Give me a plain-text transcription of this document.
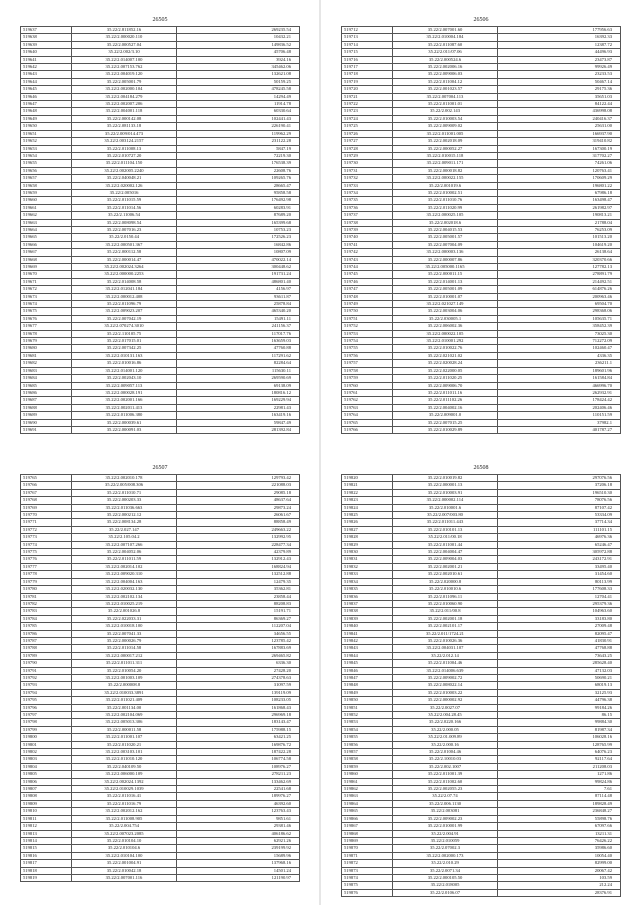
26505
519637	35.22/2.811852.16	269235.54
519638	35.22/2.000020.110	10432.21
519639	35.22/2.000527.04	149836.52
519640	35.22/2.002/3.10	45706.48
519641	35.22/2.014007.100	3924.16
519642	35.22/2.007153.762	345462.06
519643	35.22/2.004019.120	132621.08
519644	35.22/2.005001.79	50159.25
519645	35.22/2.002000.104	478245.58
519646	35.22/2.004184.279	14294.49
519647	35.22/2.002007.206	11914.78
519648	35.22/2.004001.118	60330.64
519649	35.22/2.000142.08	102441.43
519650	35.22/2.081133.18	226190.41
519651	35.22/2.009/014.473	119962.29
519652	35.22/2.003124.2157	231122.28
519653	35.22/2.011008.13	5847.19
519654	35.22/2.010727.20	72219.30
519655	35.22/2.011104.150	176538.39
519656	35.22/2.002005.2240	22608.76
519657	35.22/2.040048.21	109265.76
519658	35.22/2.020002.126	28665.47
519659	35.22/2.005016	95858.58
519660	35.22/2.011015.59	176492.98
519661	35.22/2.011014.56	60283.91
519662	35.22/2.11006.54	87689.20
519663	35.22/2.008098.54	165399.68
519664	35.22/2.007016.23	10753.23
519665	35.22/2.0150.44	172526.23
519666	35.22/2.000501.367	16842.86
519667	35.22/2.000112.58	10807.09
519668	35.22/2.000014.47	470022.14
519669	35.22/2.002024.3264	300448.62
519670	35.22/2.000000.2253	191731.24
519671	35.22/2.014008.58	486801.40
519672	35.22/2.012041.184	4156.97
519673	35.22/2.000012.408	93611.87
519674	35.22/2.011096.79	25878.84
519675	35.22/2.009023.207	465340.20
519676	35.22/2.007042.19	15491.11
519677	35.22/2.070274.3010	241156.37
519678	35.22/2.110105.75	117017.76
519679	35.22/2.017015.01	163659.03
519680	35.22/2.007342.25	47760.88
519681	35.22/2.010131.163	117291.62
519682	35.22/2.010016.86	82284.64
519683	35.22/2.014001.120	115630.11
519684	35.22/2.002043.10	269590.69
519685	35.22/2.009057.113	69138.09
519686	35.22/2.000028.191	180816.12
519687	35.22/2.002001.166	169229.94
519688	35.22/2.002011.413	22981.43
519689	35.22/2.011006.380	163419.16
519690	35.22/2.000039.61	59847.49
519691	35.22/2.000091.03	281392.84
26507
519765	35.22/2.002010.178	129793.42
519766	35.22/2.005/008.306	221088.03
519767	35.22/2.011010.71	29085.18
519768	35.22/2.000203.33	48637.64
519769	35.22/2.011036.663	29873.24
519770	35.22/2.000212.12	26061.67
519771	35.22/2.008134.28	88858.49
519772	35.22/2.027.147	249663.22
519773	35.22/2.105.04.2	132992.95
519774	35.22/2.007107.266	228477.34
519775	35.22/2.004052.06	42379.89
519776	35.22/2.011011.59	132912.43
519777	35.22/2.002014.102	168824.94
519778	35.22/2.009020.310	132512.88
519779	35.22/2.004004.163	12479.35
519780	35.22/2.020032.130	35362.81
519781	35.22/2.002102.134	23858.44
519782	35.22/2.010025.219	88208.83
519783	35.22/2.001026.8	15191.71
519784	35.22/2.022033.31	86369.27
519785	35.22/2.010018.100	112207.04
519786	35.22/2.007041.33	34656.55
519787	35.22/2.000026.79	123785.42
519788	35.22/2.011014.58	167883.69
519789	35.22/2.000017.212	269465.82
519790	35.22/2.011011.311	6336.30
519791	35.22/2.010054.20	27428.20
519792	35.22/2.001003.109	274378.63
519793	35.22/2.000008.8	31097.59
519794	35.22/2.010033.3891	139119.09
519795	35.22/2.011021.409	108233.05
519796	35.22/2.001134.00	161868.43
519797	35.22/2.002104.069	296969.18
519798	35.22/2.005013.306	183143.47
519799	35.22/2.000011.58	175988.15
519800	35.22/2.011001.107	63421.25
519801	35.22/2.011020.21	169876.72
519802	35.22/2.003103.101	187422.28
519803	35.22/2.011010.120	106774.58
519804	35.22/2.040109.50	108976.27
519805	35.22/2.006000.109	278211.23
519806	35.22/2.002024.1392	133462.69
519807	35.22/2.010029.1039	22541.68
519808	35.22/2.011016.41	189976.27
519809	35.22/2.011016.79	46392.60
519810	35.22/2.002012.162	123763.43
519811	35.22/2.011008.905	9851.61
519812	35.22/2.004.754	29381.46
519813	35.22/2.007023.2085	406186.62
519814	35.22/2.010104.10	62921.26
519815	35.22/2.010104.6	239199.92
519816	35.22/2.010104.100	15689.96
519817	35.22/2.001004.91	137968.16
519818	35.22/2.010042.18	14501.24
519819	35.22/2.007001.116	121190.97
26506
519712	35.22/2.007001.60	177956.63
519713	35.22/2.010004.184	16392.33
519714	35.22/2.011087.60	12387.72
519715	35.22/2.011/07.06	44496.93
519716	35.22/2.000524.6	23473.87
519717	35.22/2.002006.16	99926.49
519718	35.22/2.009006.03	23233.53
519719	35.22/2.011004.12	50467.14
519720	35.22/2.001023.57	29175.36
519721	35.22/2.007004.113	35651.03
519722	35.22/2.011001.01	84122.44
519723	35.22/2.002.143	436998.08
519724	35.22/2.010003.54	240416.37
519725	35.22/2.009009.02	25631.00
519726	35.22/2.011001.005	166937.90
519727	35.22/2.002018.09	319410.82
519728	35.22/2.000052.27	167300.19
519729	35.22/2.010015.118	317702.27
519730	35.22/2.009011.171	74261.06
519731	35.22/2.000018.82	120763.41
519732	35.22/2.000022.155	170609.29
519733	35.22/2.001019.6	196801.22
519734	35.22/2.010002.51	67986.18
519735	35.22/2.011010.76	163498.47
519736	35.22/2.011020.99	261982.97
519737	35.22/2.000025.105	190813.21
519738	35.22/2.002018.6	21788.04
519739	35.22/2.004015.53	76253.09
519740	35.22/2.005001.57	101513.20
519741	35.22/2.007004.09	104619.20
519742	35.22/2.000003.136	26138.64
519743	35.22/2.000007.86	320370.66
519744	35.22/2.005000.1165	127782.13
519745	35.22/2.000011.15	278891.79
519746	35.22/2.014001.13	214492.51
519747	35.22/2.005001.09	614876.26
519748	35.22/2.010001.07	200963.46
519749	35.22/2.021027.149	69504.70
519750	35.22/2.003004.06	298368.06
519751	35.22/2.030005.1	105635.71
519752	35.22/2.006002.36	358452.39
519753	35.22/2.000022.105	73025.30
519754	35.22/2.010001.292	712272.09
519755	35.22/2.010022.76	102460.47
519756	35.22/2.021021.02	4336.35
519757	35.22/2.020028.24	236211.1
519758	35.22/2.022000.05	189601.96
519759	35.22/2.011020.25	161584.84
519760	35.22/2.009006.70	466996.70
519761	35.22/2.011011.16	262932.91
519762	35.22/2.011102.26	178424.42
519763	35.22/2.004002.16	202406.46
519764	35.22/2.009001.0	110151.59
519765	35.22/2.007015.25	37982.1
519766	35.22/2.010029.89	401787.27
26508
519820	35.22/2.010019.82	297076.56
519821	35.22/2.000001.13	37206.18
519822	35.22/2.010003.91	196510.30
519823	35.22/2.000002.114	78076.56
519824	35.22/2.010001.6	87107.42
519825	35.22/2.007/003.80	53334.09
519826	35.22/2.011011.443	37714.34
519827	35.22/2.010101.13	111101.15
519828	35.22/2.011/00.18	46976.36
519829	35.22/2.011001.44	65246.47
519830	35.22/2.004004.47	305972.88
519831	35.22/2.009004.03	243172.91
519832	35.22/2.002001.21	33495.40
519833	35.22/2.002010.61	31454.60
519834	35.22/2.020000.8	80113.99
519835	35.22/2.010010.6	177608.33
519836	35.22/2.011096.11	12704.41
519837	35.22/2.010060.90	295379.36
519838	35.22/2.011/00.8	104963.60
519839	35.22/2.002001.18	33183.80
519840	35.22/2.002101.17	27009.48
519841	35.22/2.011/1724.21	82095.47
519842	35.22/2.010026.36	41830.91
519843	35.22/2.004031.107	47768.88
519844	35.22/2.012.14	73643.25
519845	35.22/2.011004.46	285628.40
519846	35.22/2.014006.639	47132.03
519847	35.22/2.009002.72	50690.21
519848	35.22/2.008022.14	68019.13
519849	35.22/2.010003.22	32125.93
519850	35.22/2.000002.92	44796.38
519851	35.22/2.0027.07	99184.26
519852	35.22/2.004.28.45	86.15
519853	35.22/2.0220.166	99884.30
519854	35.22/2.000.05	81987.34
519855	35.22/2.01.009.89	106028.16
519856	35.22/2.000.16	128765.99
519857	35.22/2.01004.46	64076.23
519858	35.22/2.10010.03	92117.64
519859	35.22/2.002.1007	211208.03
519860	35.22/2.011001.39	1271.86
519861	35.22/2.011002.60	99824.86
519862	35.22/2.002055.23	7.61
519863	35.22/2.07.74	87114.48
519864	35.22/2.006.1130	189828.49
519865	35.22/2.003081	236848.27
519866	35.22/2.009002.23	55898.76
519867	35.22/2.010001.99	67097.66
519868	35.22/2.004.91	13211.31
519869	35.22/2.010059	76426.22
519870	35.22/2.07002.3	35986.60
519871	35.22/2.002000.173	10054.40
519872	35.22/2.010.29	82999.00
519873	35.22/2.0071.34	20067.42
519874	35.22/2.000105.50	103.59
519875	35.22/2.018005	212.24
519876	35.22/2.0106.07	28376.91
